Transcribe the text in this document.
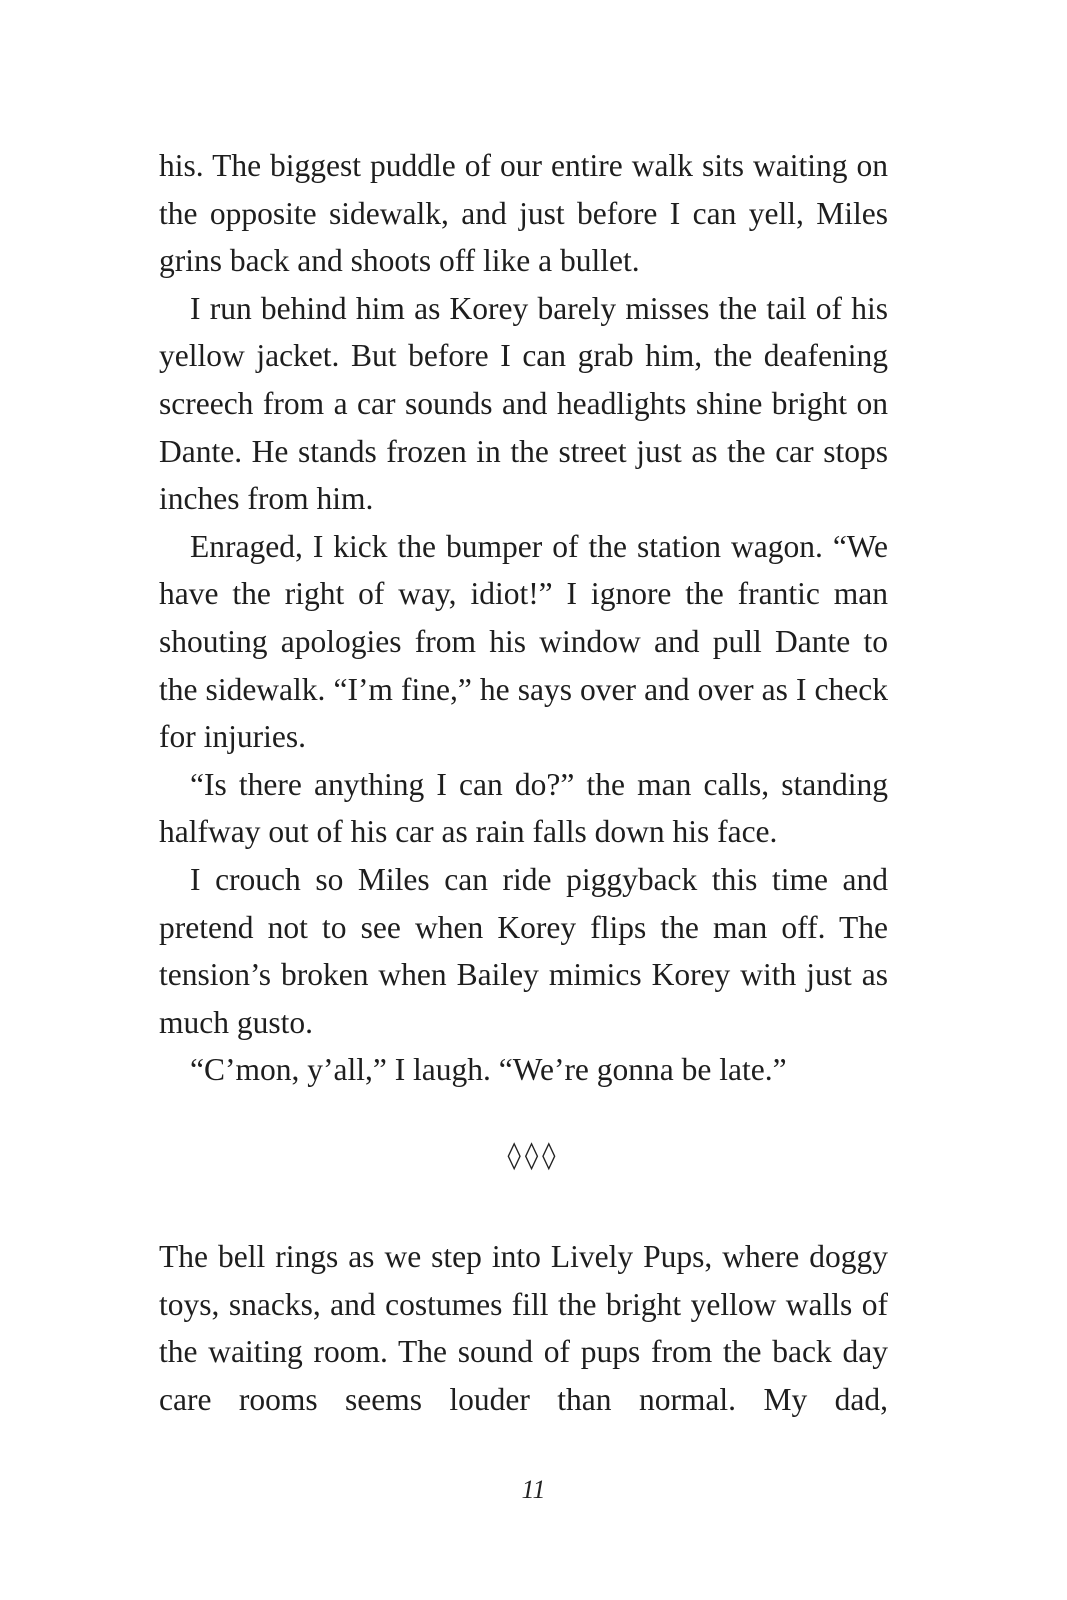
his. The biggest puddle of our entire walk sits waiting on the opposite sidewalk, and just before I can yell, Miles grins back and shoots off like a bullet.

I run behind him as Korey barely misses the tail of his yellow jacket. But before I can grab him, the deafening screech from a car sounds and headlights shine bright on Dante. He stands frozen in the street just as the car stops inches from him.

Enraged, I kick the bumper of the station wagon. “We have the right of way, idiot!” I ignore the frantic man shouting apologies from his window and pull Dante to the sidewalk. “I’m fine,” he says over and over as I check for injuries.

“Is there anything I can do?” the man calls, standing halfway out of his car as rain falls down his face.

I crouch so Miles can ride piggyback this time and pretend not to see when Korey flips the man off. The tension’s broken when Bailey mimics Korey with just as much gusto.

“C’mon, y’all,” I laugh. “We’re gonna be late.”

◊◊◊

The bell rings as we step into Lively Pups, where doggy toys, snacks, and costumes fill the bright yellow walls of the waiting room. The sound of pups from the back day care rooms seems louder than normal. My dad,

11
